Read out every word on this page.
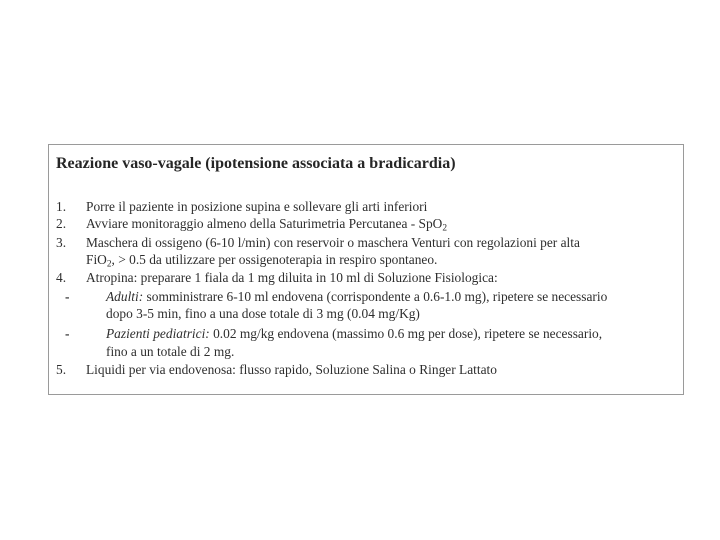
Reazione vaso-vagale (ipotensione associata a bradicardia)
1. Porre il paziente in posizione supina e sollevare gli arti inferiori
2. Avviare monitoraggio almeno della Saturimetria Percutanea - SpO$_2$
3. Maschera di ossigeno (6-10 l/min) con reservoir o maschera Venturi con regolazioni per alta
FiO$_2$, > 0.5 da utilizzare per ossigenoterapia in respiro spontaneo.
4. Atropina: preparare 1 fiala da 1 mg diluita in 10 ml di Soluzione Fisiologica:
-	Adulti: somministrare 6-10 ml endovena (corrispondente a 0.6-1.0 mg), ripetere se necessario
dopo 3-5 min, fino a una dose totale di 3 mg (0.04 mg/Kg)
-	Pazienti pediatrici: 0.02 mg/kg endovena (massimo 0.6 mg per dose), ripetere se necessario,
fino a un totale di 2 mg.
5. Liquidi per via endovenosa: flusso rapido, Soluzione Salina o Ringer Lattato
